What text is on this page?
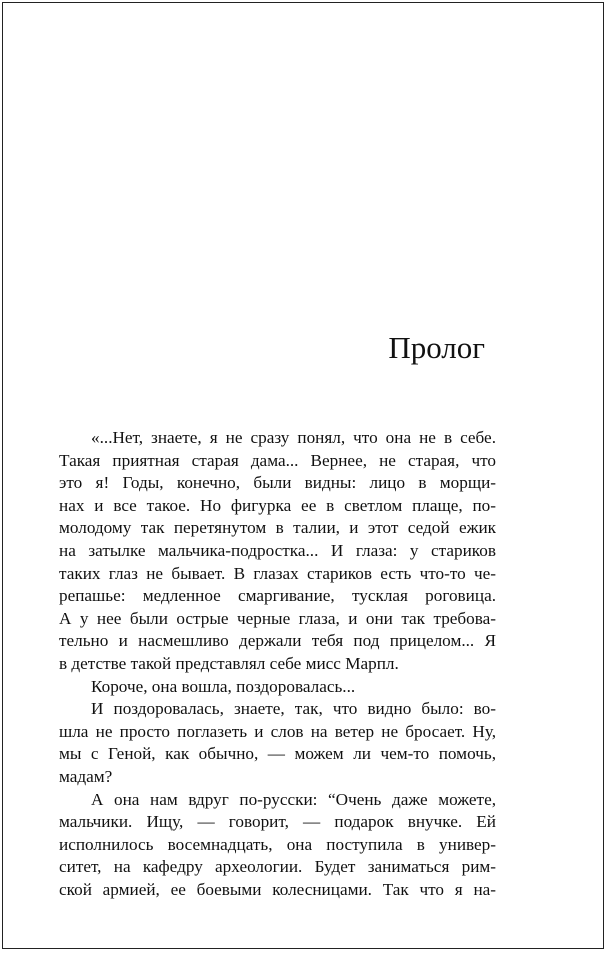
Пролог
«...Нет, знаете, я не сразу понял, что она не в себе.
Такая приятная старая дама... Вернее, не старая, что
это я! Годы, конечно, были видны: лицо в морщи-
нах и все такое. Но фигурка ее в светлом плаще, по-
молодому так перетянутом в талии, и этот седой ежик
на затылке мальчика-подростка... И глаза: у стариков
таких глаз не бывает. В глазах стариков есть что-то че-
репашье: медленное смаргивание, тусклая роговица.
А у нее были острые черные глаза, и они так требова-
тельно и насмешливо держали тебя под прицелом... Я
в детстве такой представлял себе мисс Марпл.
Короче, она вошла, поздоровалась...
И поздоровалась, знаете, так, что видно было: во-
шла не просто поглазеть и слов на ветер не бросает. Ну,
мы с Геной, как обычно, — можем ли чем-то помочь,
мадам?
А она нам вдруг по-русски: “Очень даже можете,
мальчики. Ищу, — говорит, — подарок внучке. Ей
исполнилось восемнадцать, она поступила в универ-
ситет, на кафедру археологии. Будет заниматься рим-
ской армией, ее боевыми колесницами. Так что я на-
